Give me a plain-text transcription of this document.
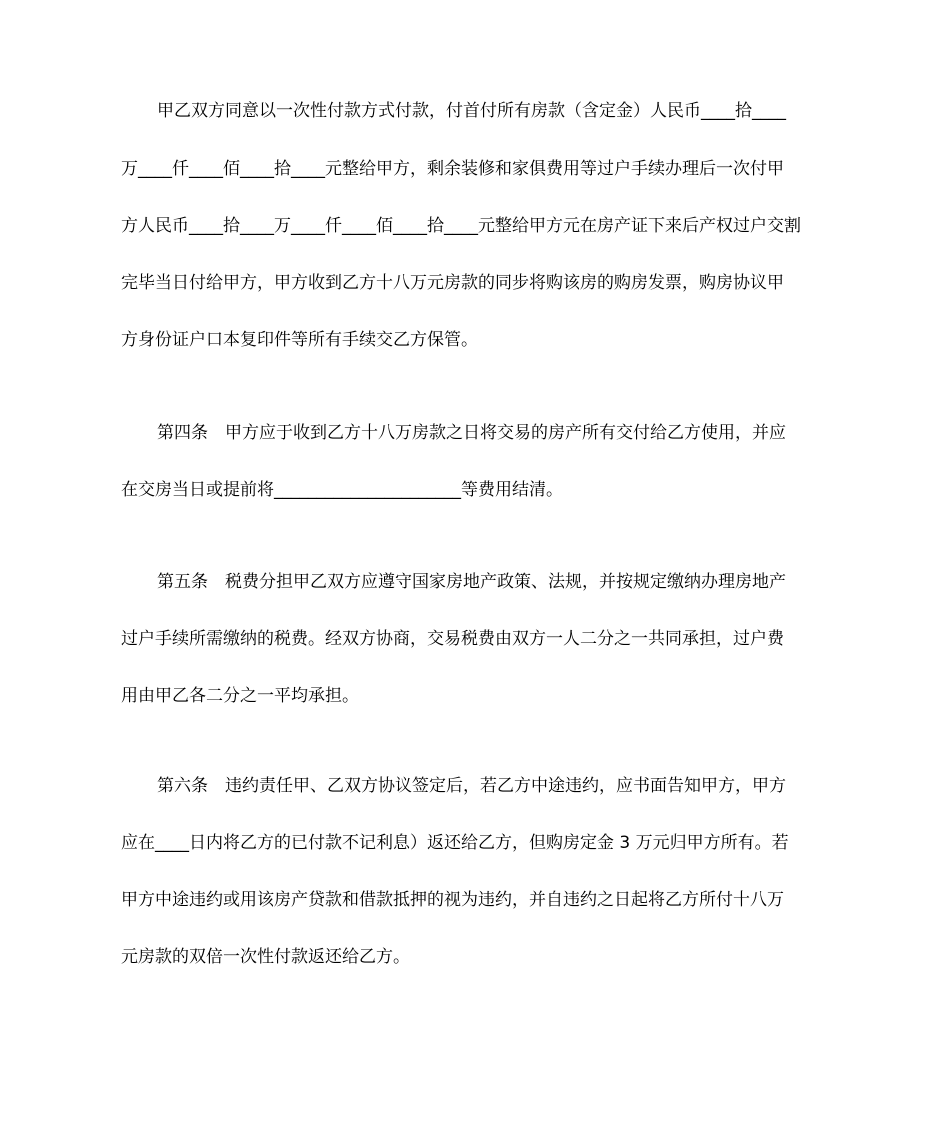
甲乙双方同意以一次性付款方式付款，付首付所有房款（含定金）人民币____拾____
万____仟____佰____拾____元整给甲方，剩余装修和家俱费用等过户手续办理后一次付甲
方人民币____拾____万____仟____佰____拾____元整给甲方元在房产证下来后产权过户交割
完毕当日付给甲方，甲方收到乙方十八万元房款的同步将购该房的购房发票，购房协议甲
方身份证户口本复印件等所有手续交乙方保管。
第四条　甲方应于收到乙方十八万房款之日将交易的房产所有交付给乙方使用，并应
在交房当日或提前将______________________等费用结清。
第五条　税费分担甲乙双方应遵守国家房地产政策、法规，并按规定缴纳办理房地产
过户手续所需缴纳的税费。经双方协商，交易税费由双方一人二分之一共同承担，过户费
用由甲乙各二分之一平均承担。
第六条　违约责任甲、乙双方协议签定后，若乙方中途违约，应书面告知甲方，甲方
应在____日内将乙方的已付款不记利息）返还给乙方，但购房定金 3 万元归甲方所有。若
甲方中途违约或用该房产贷款和借款抵押的视为违约，并自违约之日起将乙方所付十八万
元房款的双倍一次性付款返还给乙方。
